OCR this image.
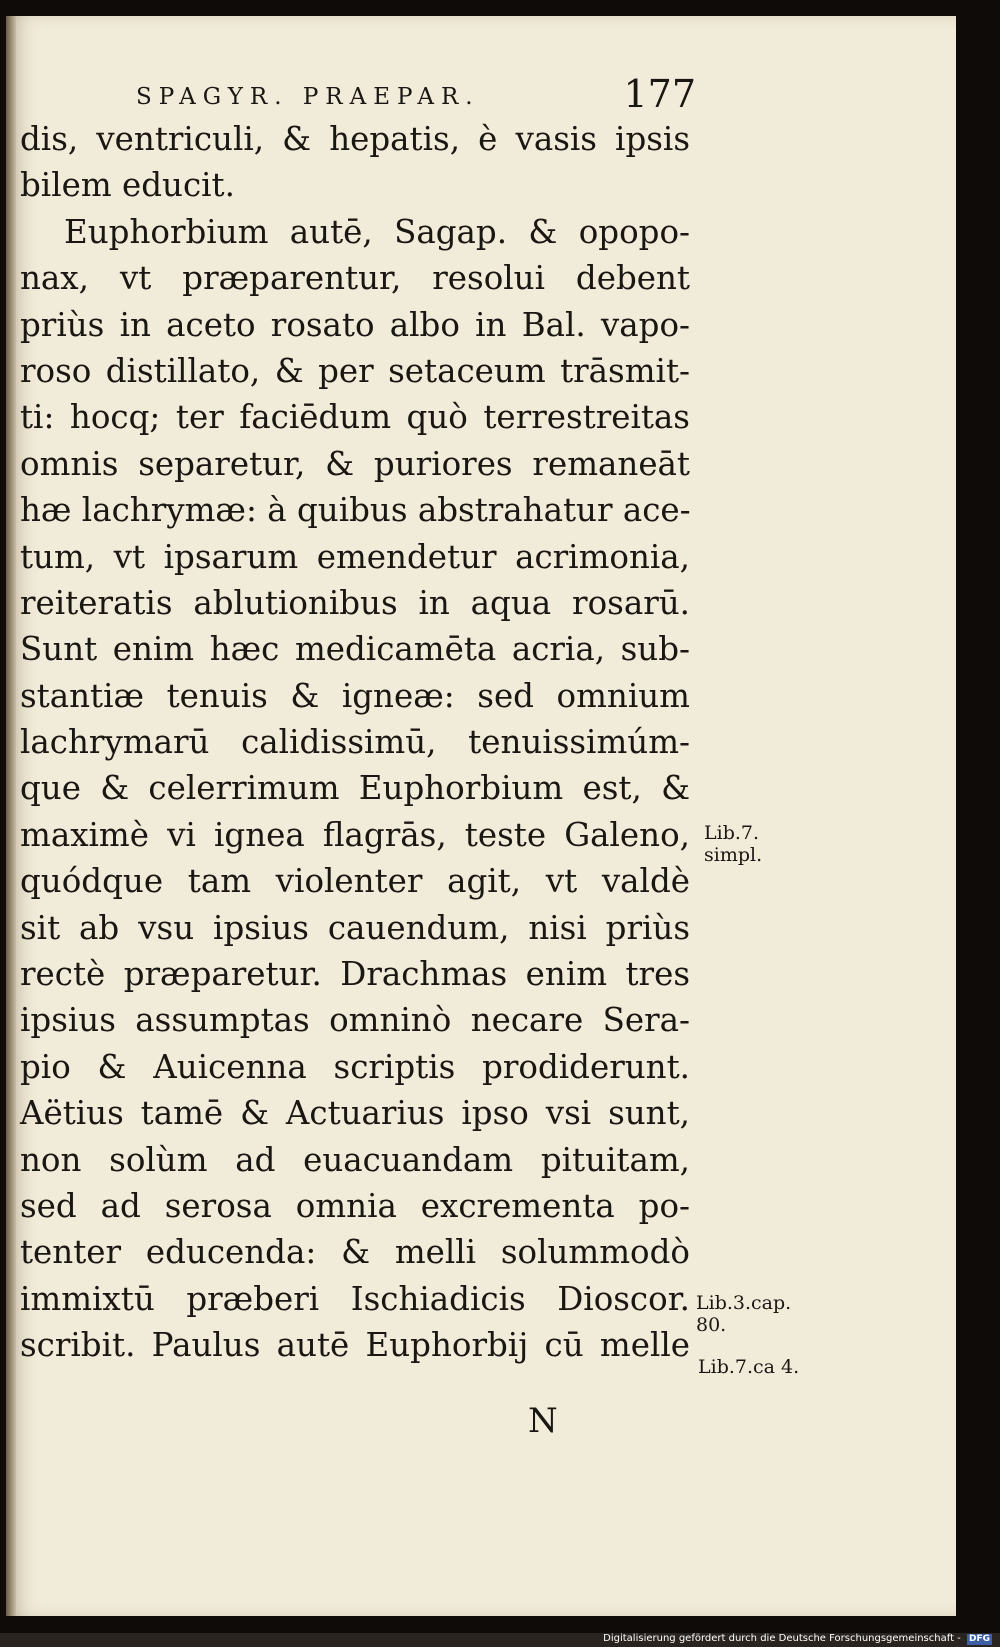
SPAGYR. PRAEPAR.	177
dis, ventriculi, & hepatis, è vasis ipsis
bilem educit.
Euphorbium autē, Sagap. & opopo-
nax, vt præparentur, resolui debent
priùs in aceto rosato albo in Bal. vapo-
roso distillato, & per setaceum trāsmit-
ti: hocq; ter faciēdum quò terrestreitas
omnis separetur, & puriores remaneāt
hæ lachrymæ: à quibus abstrahatur ace-
tum, vt ipsarum emendetur acrimonia,
reiteratis ablutionibus in aqua rosarū.
Sunt enim hæc medicamēta acria, sub-
stantiæ tenuis & igneæ: sed omnium
lachrymarū calidissimū, tenuissimúm-
que & celerrimum Euphorbium est, &
maximè vi ignea flagrās, teste Galeno,
quódque tam violenter agit, vt valdè
sit ab vsu ipsius cauendum, nisi priùs
rectè præparetur. Drachmas enim tres
ipsius assumptas omninò necare Sera-
pio & Auicenna scriptis prodiderunt.
Aëtius tamē & Actuarius ipso vsi sunt,
non solùm ad euacuandam pituitam,
sed ad serosa omnia excrementa po-
tenter educenda: & melli solummodò
immixtū præberi Ischiadicis Dioscor.
scribit. Paulus autē Euphorbij cū melle
Lib.7.
simpl.
Lib.3.cap.
80.
Lib.7.ca 4.
N
Digitalisierung gefördert durch die Deutsche Forschungsgemeinschaft - DFG
